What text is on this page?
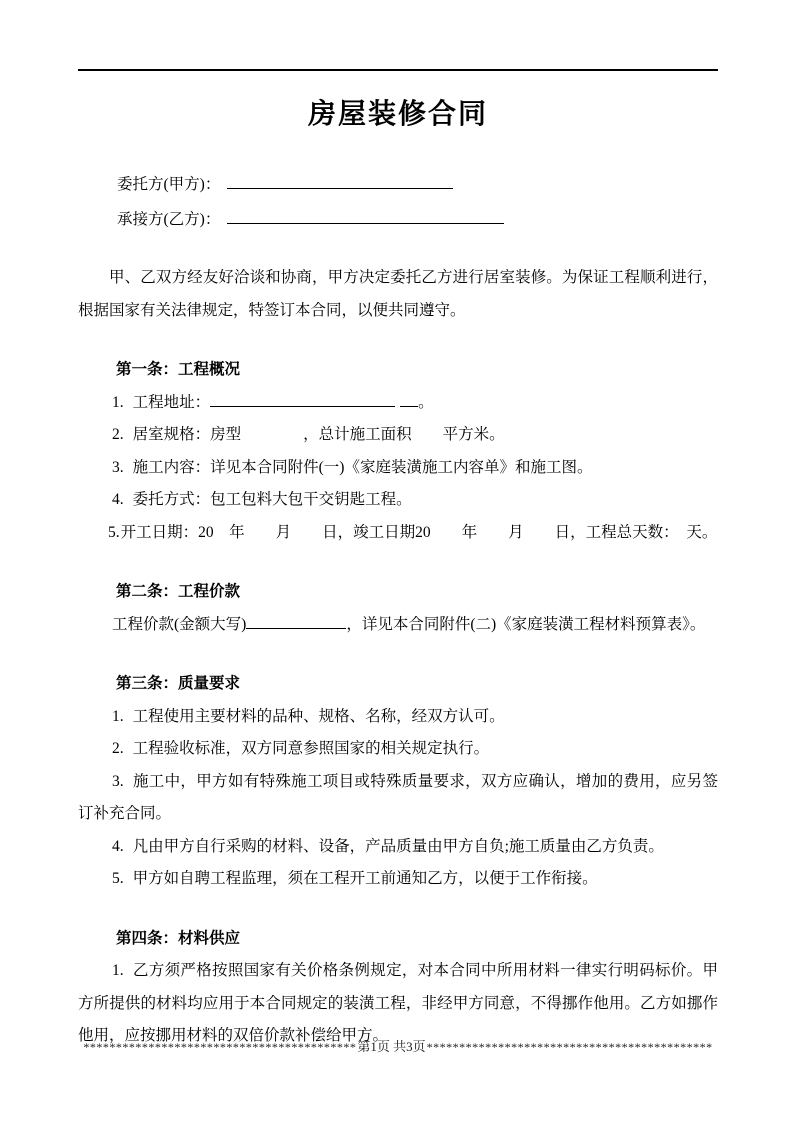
房屋装修合同
委托方(甲方)：
承接方(乙方)：

甲、乙双方经友好洽谈和协商，甲方决定委托乙方进行居室装修。为保证工程顺利进行，根据国家有关法律规定，特签订本合同，以便共同遵守。

第一条：工程概况

1. 工程地址：	。

2. 居室规格：房型　　　　，总计施工面积　　平方米。

3. 施工内容：详见本合同附件(一)《家庭装潢施工内容单》和施工图。

4. 委托方式：包工包料大包干交钥匙工程。

5.开工日期：20　年　　月　　日，竣工日期20　　年　　月　　日，工程总天数：　天。

第二条：工程价款

工程价款(金额大写)	，详见本合同附件(二)《家庭装潢工程材料预算表》。

第三条：质量要求

1. 工程使用主要材料的品种、规格、名称，经双方认可。

2. 工程验收标准，双方同意参照国家的相关规定执行。

3. 施工中，甲方如有特殊施工项目或特殊质量要求，双方应确认，增加的费用，应另签订补充合同。

4. 凡由甲方自行采购的材料、设备，产品质量由甲方自负;施工质量由乙方负责。

5. 甲方如自聘工程监理，须在工程开工前通知乙方，以便于工作衔接。

第四条：材料供应

1. 乙方须严格按照国家有关价格条例规定，对本合同中所用材料一律实行明码标价。甲方所提供的材料均应用于本合同规定的装潢工程，非经甲方同意，不得挪作他用。乙方如挪作他用，应按挪用材料的双倍价款补偿给甲方。

****************************************** 第1页 共3页 ********************************************
